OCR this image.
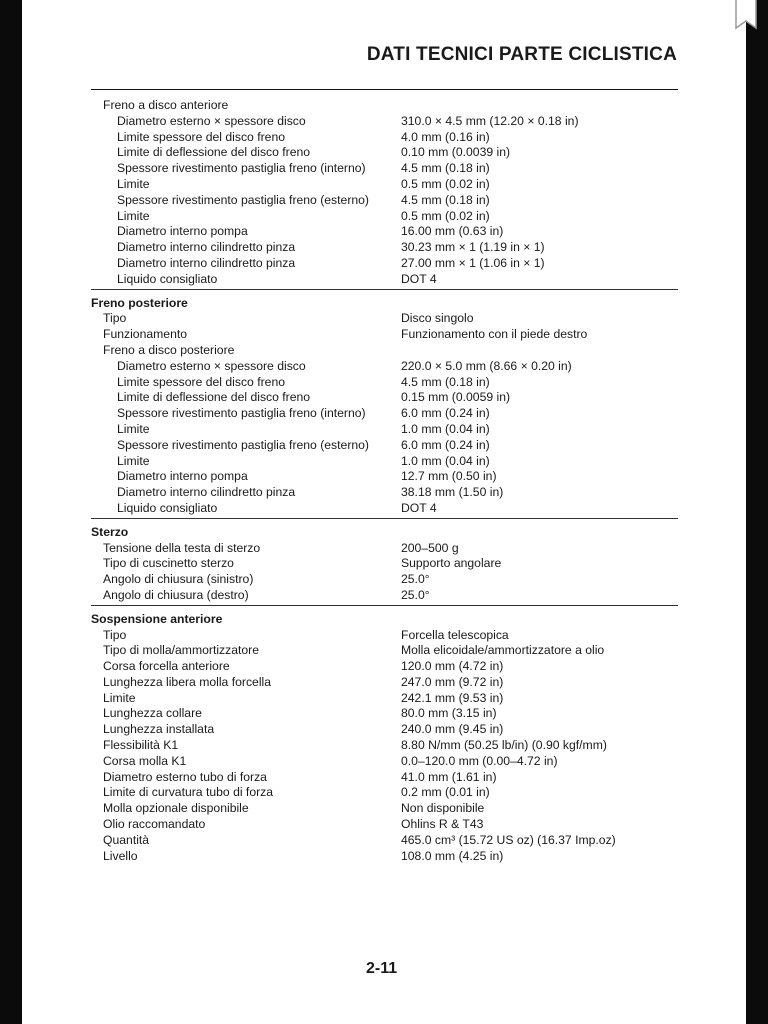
DATI TECNICI PARTE CICLISTICA
Freno a disco anteriore
Diametro esterno × spessore disco	310.0 × 4.5 mm (12.20 × 0.18 in)
Limite spessore del disco freno	4.0 mm (0.16 in)
Limite di deflessione del disco freno	0.10 mm (0.0039 in)
Spessore rivestimento pastiglia freno (interno)	4.5 mm (0.18 in)
Limite	0.5 mm (0.02 in)
Spessore rivestimento pastiglia freno (esterno)	4.5 mm (0.18 in)
Limite	0.5 mm (0.02 in)
Diametro interno pompa	16.00 mm (0.63 in)
Diametro interno cilindretto pinza	30.23 mm × 1 (1.19 in × 1)
Diametro interno cilindretto pinza	27.00 mm × 1 (1.06 in × 1)
Liquido consigliato	DOT 4
Freno posteriore
Tipo	Disco singolo
Funzionamento	Funzionamento con il piede destro
Freno a disco posteriore
Diametro esterno × spessore disco	220.0 × 5.0 mm (8.66 × 0.20 in)
Limite spessore del disco freno	4.5 mm (0.18 in)
Limite di deflessione del disco freno	0.15 mm (0.0059 in)
Spessore rivestimento pastiglia freno (interno)	6.0 mm (0.24 in)
Limite	1.0 mm (0.04 in)
Spessore rivestimento pastiglia freno (esterno)	6.0 mm (0.24 in)
Limite	1.0 mm (0.04 in)
Diametro interno pompa	12.7 mm (0.50 in)
Diametro interno cilindretto pinza	38.18 mm (1.50 in)
Liquido consigliato	DOT 4
Sterzo
Tensione della testa di sterzo	200–500 g
Tipo di cuscinetto sterzo	Supporto angolare
Angolo di chiusura (sinistro)	25.0°
Angolo di chiusura (destro)	25.0°
Sospensione anteriore
Tipo	Forcella telescopica
Tipo di molla/ammortizzatore	Molla elicoidale/ammortizzatore a olio
Corsa forcella anteriore	120.0 mm (4.72 in)
Lunghezza libera molla forcella	247.0 mm (9.72 in)
Limite	242.1 mm (9.53 in)
Lunghezza collare	80.0 mm (3.15 in)
Lunghezza installata	240.0 mm (9.45 in)
Flessibilità K1	8.80 N/mm (50.25 lb/in) (0.90 kgf/mm)
Corsa molla K1	0.0–120.0 mm (0.00–4.72 in)
Diametro esterno tubo di forza	41.0 mm (1.61 in)
Limite di curvatura tubo di forza	0.2 mm (0.01 in)
Molla opzionale disponibile	Non disponibile
Olio raccomandato	Ohlins R & T43
Quantità	465.0 cm³ (15.72 US oz) (16.37 Imp.oz)
Livello	108.0 mm (4.25 in)
2-11
